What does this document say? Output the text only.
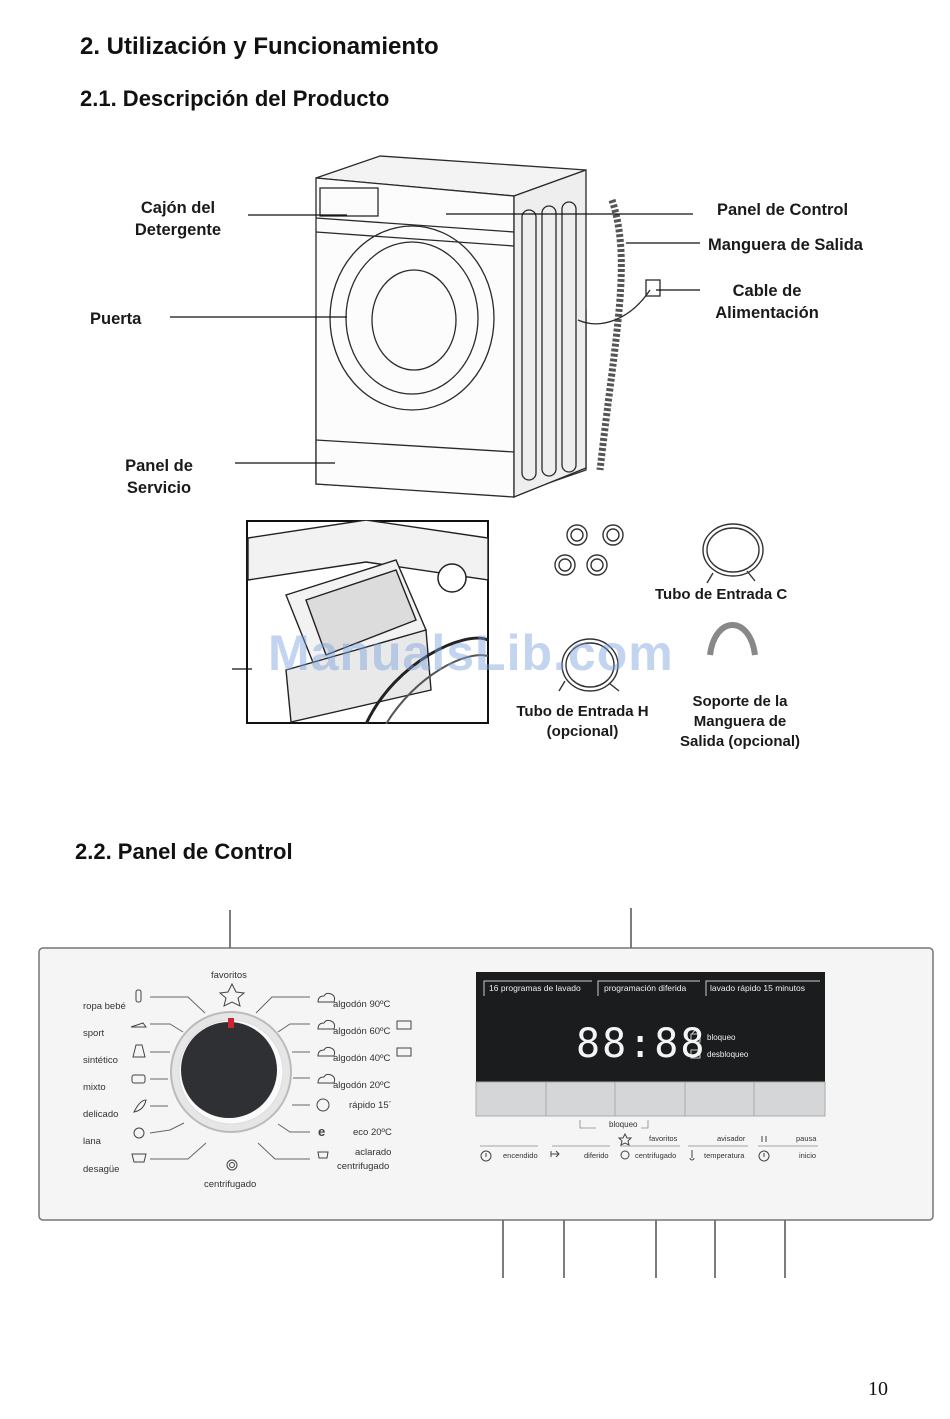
2. Utilización y Funcionamiento
2.1. Descripción del Producto
2.2. Panel de Control
Cajón del
Detergente
Puerta
Panel de
Servicio
Panel de Control
Manguera de Salida
Cable de
Alimentación
Tubo de Entrada C
Tubo de Entrada H
(opcional)
Soporte de la
Manguera de
Salida (opcional)
ManualsLib.com
favoritos
centrifugado
ropa bebé
sport
sintético
mixto
delicado
lana
desagüe
algodón 90ºC
algodón 60ºC
algodón 40ºC
algodón 20ºC
rápido 15´
eco 20ºC
aclarado
centrifugado
e
16 programas de lavado	programación diferida	lavado rápido 15 minutos
88:88 bloqueo
desbloqueo
bloqueo
favoritos	avisador	pausa
encendido	diferido	centrifugado	temperatura	inicio
10
